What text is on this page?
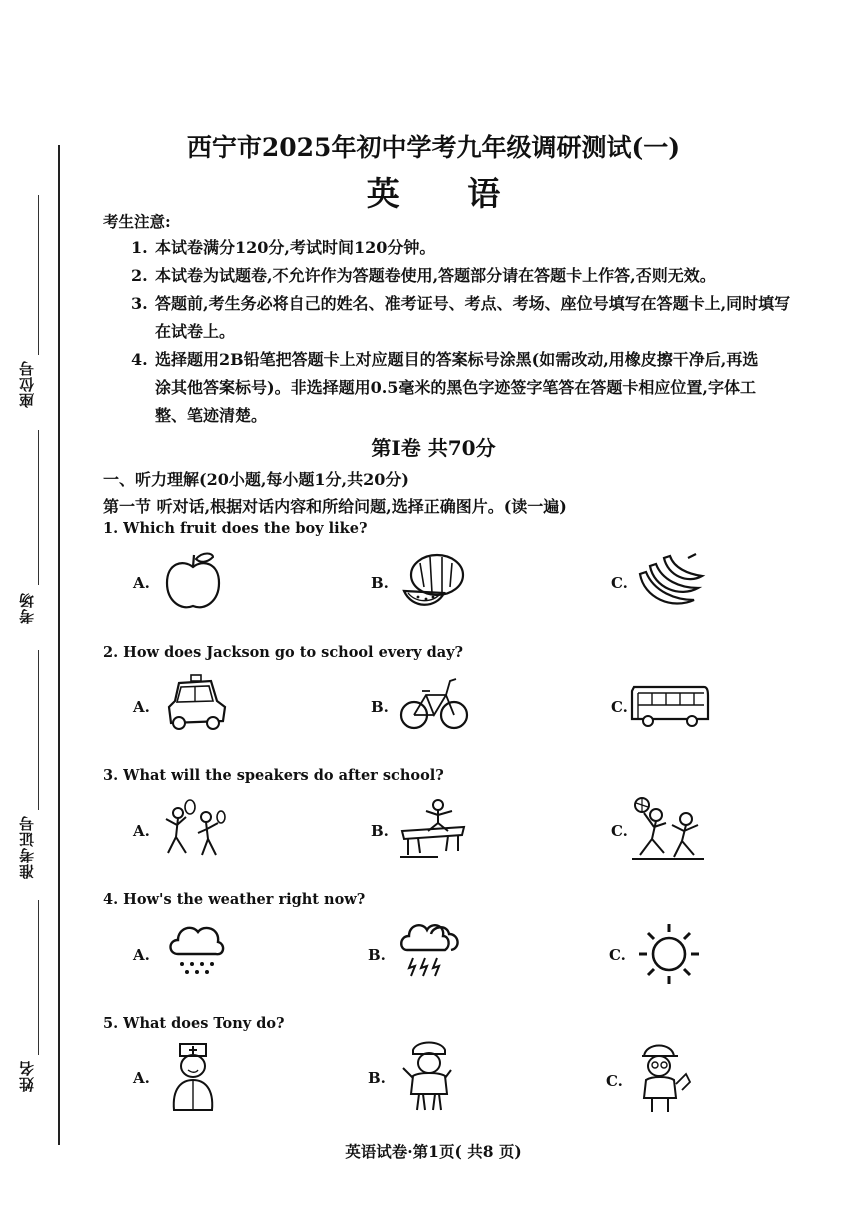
座位号
考场
准考证号
姓名
西宁市2025年初中学考九年级调研测试(一)
英 语
考生注意:
1. 本试卷满分120分,考试时间120分钟。
2. 本试卷为试题卷,不允许作为答题卷使用,答题部分请在答题卡上作答,否则无效。
3. 答题前,考生务必将自己的姓名、准考证号、考点、考场、座位号填写在答题卡上,同时填写
在试卷上。
4. 选择题用2B铅笔把答题卡上对应题目的答案标号涂黑(如需改动,用橡皮擦干净后,再选
涂其他答案标号)。非选择题用0.5毫米的黑色字迹签字笔答在答题卡相应位置,字体工
整、笔迹清楚。
第Ⅰ卷 共70分
一、听力理解(20小题,每小题1分,共20分)
第一节 听对话,根据对话内容和所给问题,选择正确图片。(读一遍)
1. Which fruit does the boy like?
A.	B.	C.
2. How does Jackson go to school every day?
A.	B.	C.
3. What will the speakers do after school?
A.	B.	C.
4. How's the weather right now?
A.	B.	C.
5. What does Tony do?
A.	B.	C.
英语试卷·第1页( 共8 页)
